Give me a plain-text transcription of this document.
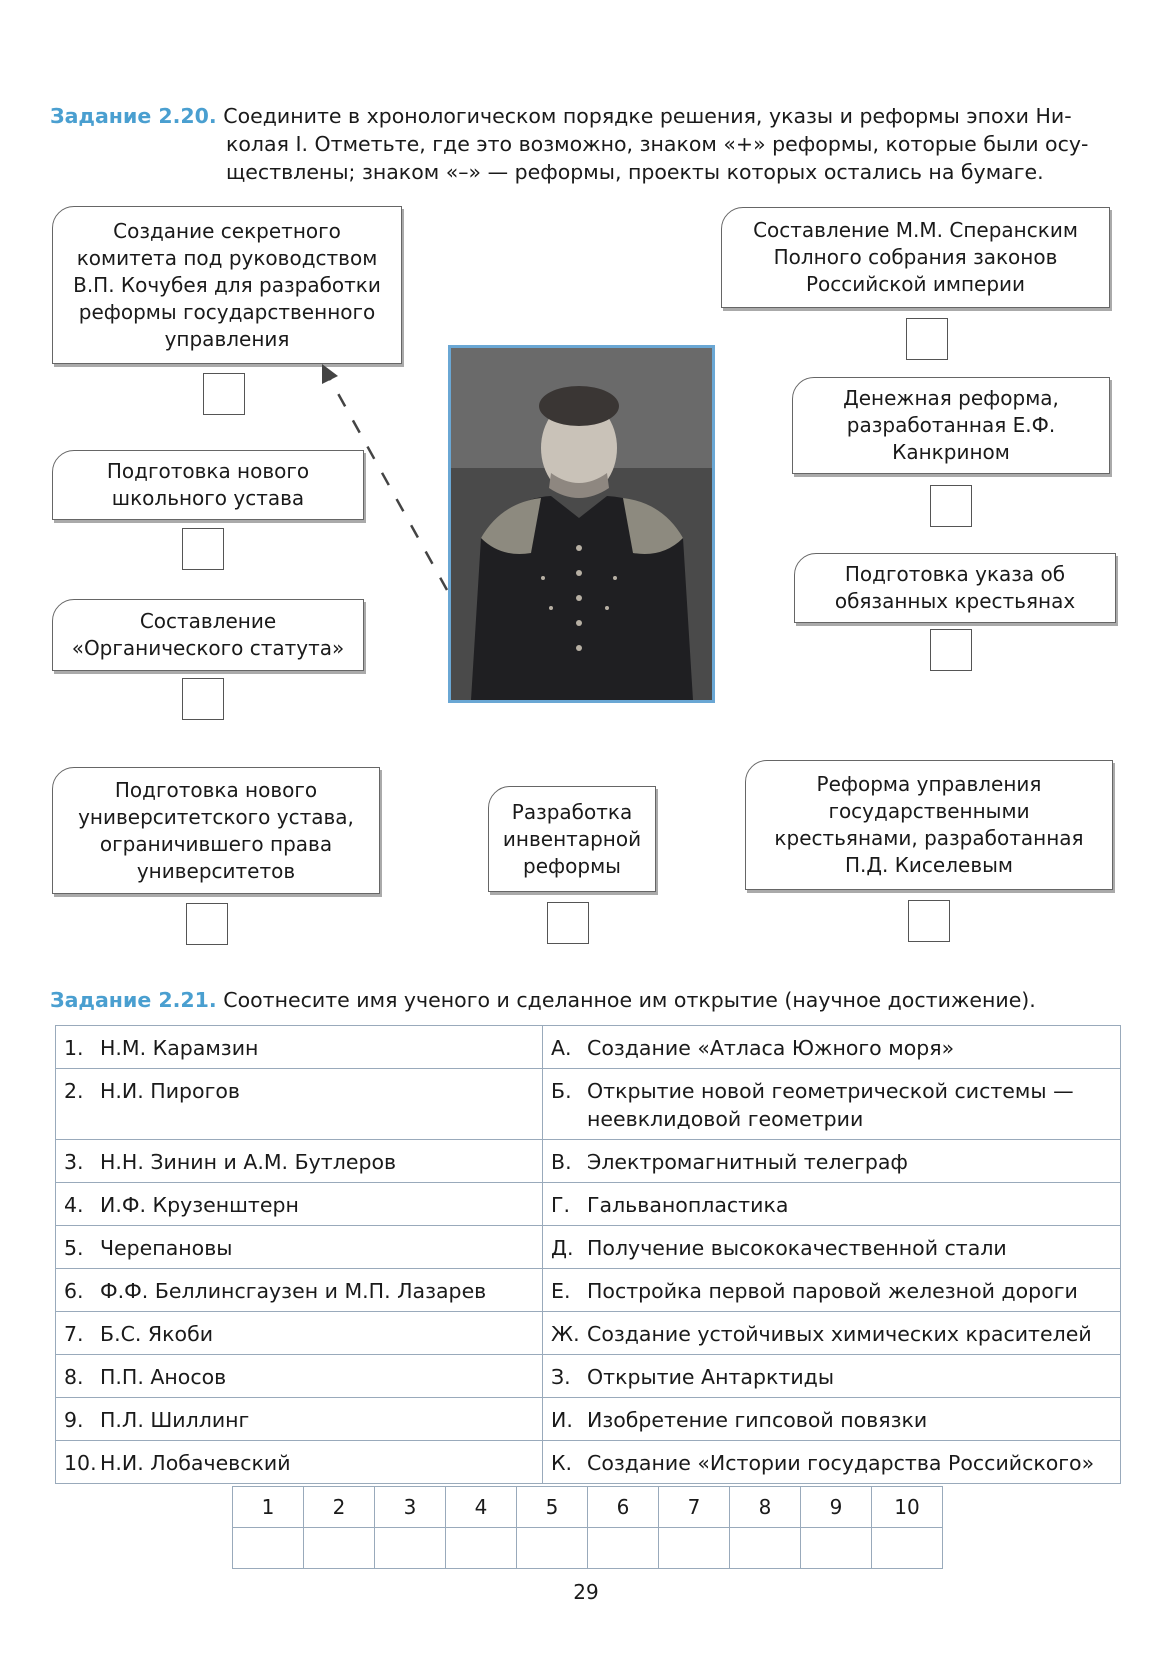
Задание 2.20. Соедините в хронологическом порядке решения, указы и реформы эпохи Ни-
колая I. Отметьте, где это возможно, знаком «+» реформы, которые были осу-
ществлены; знаком «–» — реформы, проекты которых остались на бумаге.
Создание секретного комитета под руководством В.П. Кочубея для разработки реформы государственного управления
Подготовка нового школьного устава
Составление «Органического статута»
Подготовка нового университетского устава, ограничившего права университетов
Составление М.М. Сперанским Полного собрания законов Российской империи
Денежная реформа, разработанная Е.Ф. Канкрином
Подготовка указа об обязанных крестьянах
Разработка инвентарной реформы
Реформа управления государственными крестьянами, разработанная П.Д. Киселевым
Задание 2.21. Соотнесите имя ученого и сделанное им открытие (научное достижение).
1. Н.М. Карамзин	А. Создание «Атласа Южного моря»

2. Н.И. Пирогов	Б. Открытие новой геометрической системы — неевклидовой геометрии

3. Н.Н. Зинин и А.М. Бутлеров	В. Электромагнитный телеграф

4. И.Ф. Крузенштерн	Г. Гальванопластика

5. Черепановы	Д. Получение высококачественной стали

6. Ф.Ф. Беллинсгаузен и М.П. Лазарев	Е. Постройка первой паровой железной дороги

7. Б.С. Якоби	Ж. Создание устойчивых химических красителей

8. П.П. Аносов	З. Открытие Антарктиды

9. П.Л. Шиллинг	И. Изобретение гипсовой повязки

10. Н.И. Лобачевский	К. Создание «Истории государства Российского»
1	2	3	4	5	6	7	8	9	10

29
